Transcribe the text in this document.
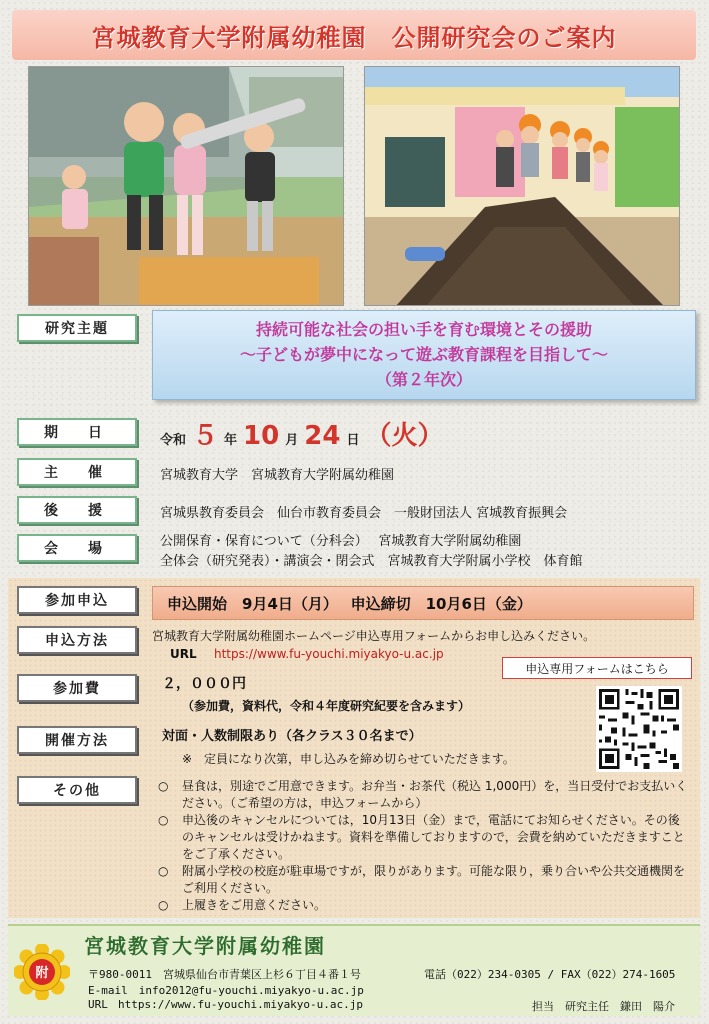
宮城教育大学附属幼稚園　公開研究会のご案内
研究主題	持続可能な社会の担い手を育む環境とその援助
～子どもが夢中になって遊ぶ教育課程を目指して～
（第２年次）
期　日	令和 ５ 年 10 月 24 日 （火）
主　催	宮城教育大学　宮城教育大学附属幼稚園
後　援	宮城県教育委員会　仙台市教育委員会　一般財団法人 宮城教育振興会
会　場	公開保育・保育について（分科会）　 宮城教育大学附属幼稚園
全体会（研究発表）・講演会・閉会式　宮城教育大学附属小学校　体育館
参加申込	申込開始　9月4日（月）　 申込締切　10月6日（金）
申込方法	宮城教育大学附属幼稚園ホームページ申込専用フォームからお申し込みください。
URL https://www.fu-youchi.miyakyo-u.ac.jp
申込専用フォームはこちら
参加費	２，０００円
（参加費，資料代，令和４年度研究紀要を含みます）
開催方法	対面・人数制限あり（各クラス３０名まで）
※　定員になり次第，申し込みを締め切らせていただきます。
その他	○	昼食は，別途でご用意できます。お弁当・お茶代（税込 1,000円）を，当日受付でお支払いください。（ご希望の方は，申込フォームから）
○	申込後のキャンセルについては，10月13日（金）まで，電話にてお知らせください。その後のキャンセルは受けかねます。資料を準備しておりますので，会費を納めていただきますことをご了承ください。
○	附属小学校の校庭が駐車場ですが，限りがあります。可能な限り，乗り合いや公共交通機関をご利用ください。
○	上履きをご用意ください。
附
宮城教育大学附属幼稚園
〒980-0011　宮城県仙台市青葉区上杉６丁目４番１号	電話（022）234-0305 / FAX（022）274-1605
E-mail　info2012@fu-youchi.miyakyo-u.ac.jp
URL https://www.fu-youchi.miyakyo-u.ac.jp	担当　研究主任　鎌田　陽介
